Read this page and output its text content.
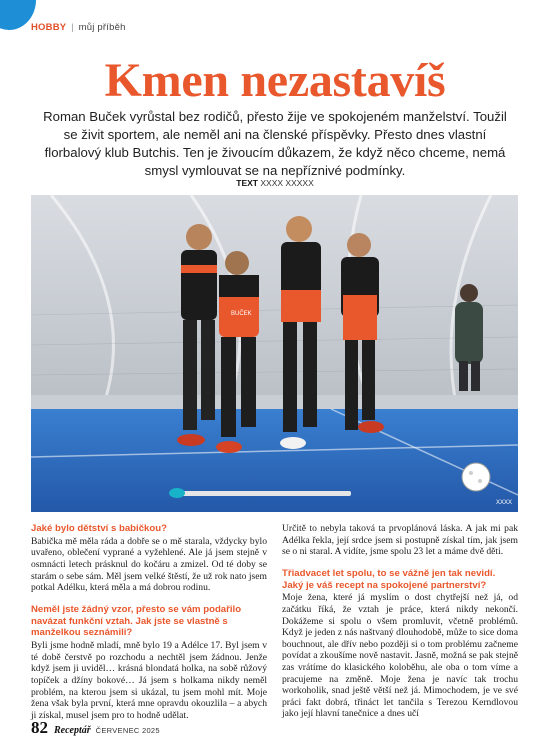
HOBBY | můj příběh
Kmen nezastavíš

Roman Buček vyrůstal bez rodičů, přesto žije ve spokojeném manželství. Toužil se živit sportem, ale neměl ani na členské příspěvky. Přesto dnes vlastní florbalový klub Butchis. Ten je živoucím důkazem, že když něco chceme, nemá smysl vymlouvat se na nepříznivé podmínky.

TEXT XXXX XXXXX
BUČEK
XXXX
Jaké bylo dětství s babičkou?

Babička mě měla ráda a dobře se o mě starala, vždycky bylo uvařeno, oblečení vyprané a vyžehlené. Ale já jsem stejně v osmnácti letech prásknul do kočáru a zmizel. Od té doby se starám o sebe sám. Měl jsem velké štěstí, že už rok nato jsem potkal Adélku, která měla a má dobrou rodinu.

Neměl jste žádný vzor, přesto se vám podařilo navázat funkční vztah. Jak jste se vlastně s manželkou seznámili?

Byli jsme hodně mladí, mně bylo 19 a Adélce 17. Byl jsem v té době čerstvě po rozchodu a nechtěl jsem žádnou. Jenže když jsem ji uviděl… krásná blondatá holka, na sobě růžový topíček a džíny bokové… Já jsem s holkama nikdy neměl problém, na kterou jsem si ukázal, tu jsem mohl mít. Moje žena však byla první, která mne opravdu okouzlila – a abych ji získal, musel jsem pro to hodně udělat.

Určitě to nebyla taková ta prvoplánová láska. A jak mi pak Adélka řekla, její srdce jsem si postupně získal tím, jak jsem se o ni staral. A vidíte, jsme spolu 23 let a máme dvě děti.

Třiadvacet let spolu, to se vážně jen tak nevidí. Jaký je váš recept na spokojené partnerství?

Moje žena, které já myslím o dost chytřejší než já, od začátku říká, že vztah je práce, která nikdy nekončí. Dokážeme si spolu o všem promluvit, včetně problémů. Když je jeden z nás naštvaný dlouhodobě, může to sice doma bouchnout, ale dřív nebo později si o tom problému začneme povídat a zkoušíme nově nastavit. Jasně, možná se pak stejně zas vrátíme do klasického koloběhu, ale oba o tom víme a pracujeme na změně. Moje žena je navíc tak trochu workoholik, snad ještě větší než já. Mimochodem, je ve své práci fakt dobrá, třináct let tančila s Terezou Kerndlovou jako její hlavní tanečnice a dnes učí

82 Receptář ČERVENEC 2025
